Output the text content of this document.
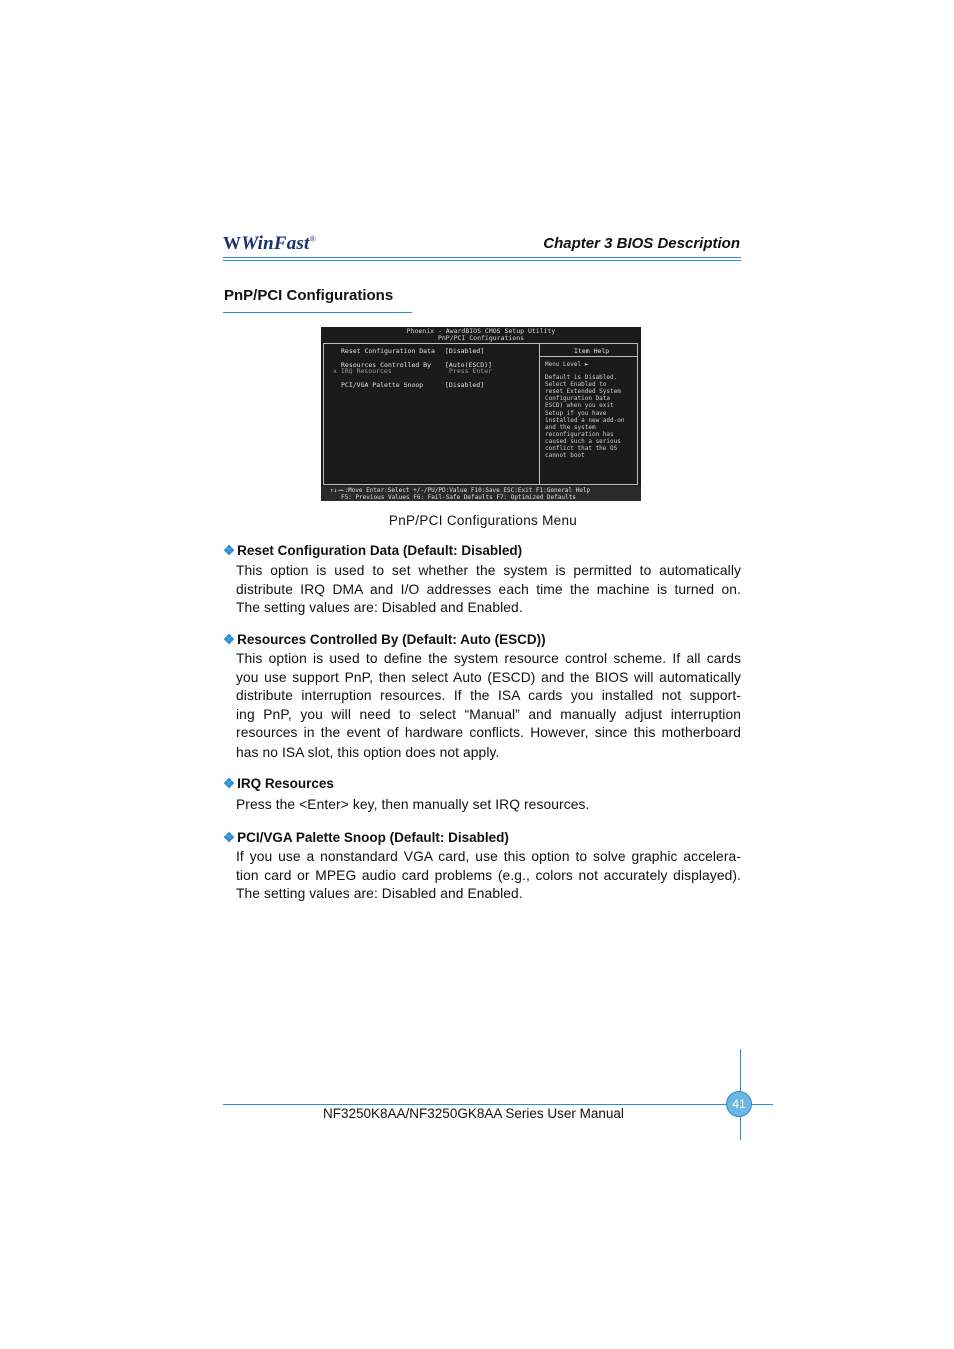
WWinFast®	Chapter 3 BIOS Description
PnP/PCI Configurations
Phoenix - AwardBIOS CMOS Setup Utility
PnP/PCI Configurations
Reset Configuration Data [Disabled]
Resources Controlled By [Auto(ESCD)]
x IRQ Resources	Press Enter
PCI/VGA Palette Snoop	[Disabled]
Item Help
Menu Level ►
Default is Disabled.
Select Enabled to
reset Extended System
Configuration Data
ESCD) when you exit
Setup if you have
installed a new add-on
and the system
reconfiguration has
caused such a serious
conflict that the OS
cannot boot
↑↓→←:Move Enter:Select +/-/PU/PD:Value F10:Save ESC:Exit F1:General Help
F5: Previous Values F6: Fail-Safe Defaults F7: Optimized Defaults
PnP/PCI Configurations Menu
❖ Reset Configuration Data (Default: Disabled)
This option is used to set whether the system is permitted to automatically
distribute IRQ DMA and I/O addresses each time the machine is turned on.
The setting values are: Disabled and Enabled.
❖ Resources Controlled By (Default: Auto (ESCD))
This option is used to define the system resource control scheme. If all cards
you use support PnP, then select Auto (ESCD) and the BIOS will automatically
distribute interruption resources. If the ISA cards you installed not support-
ing PnP, you will need to select “Manual” and manually adjust interruption
resources in the event of hardware conflicts. However, since this motherboard
has no ISA slot, this option does not apply.
❖ IRQ Resources
Press the <Enter> key, then manually set IRQ resources.
❖ PCI/VGA Palette Snoop (Default: Disabled)
If you use a nonstandard VGA card, use this option to solve graphic accelera-
tion card or MPEG audio card problems (e.g., colors not accurately displayed).
The setting values are: Disabled and Enabled.
41
NF3250K8AA/NF3250GK8AA Series User Manual
